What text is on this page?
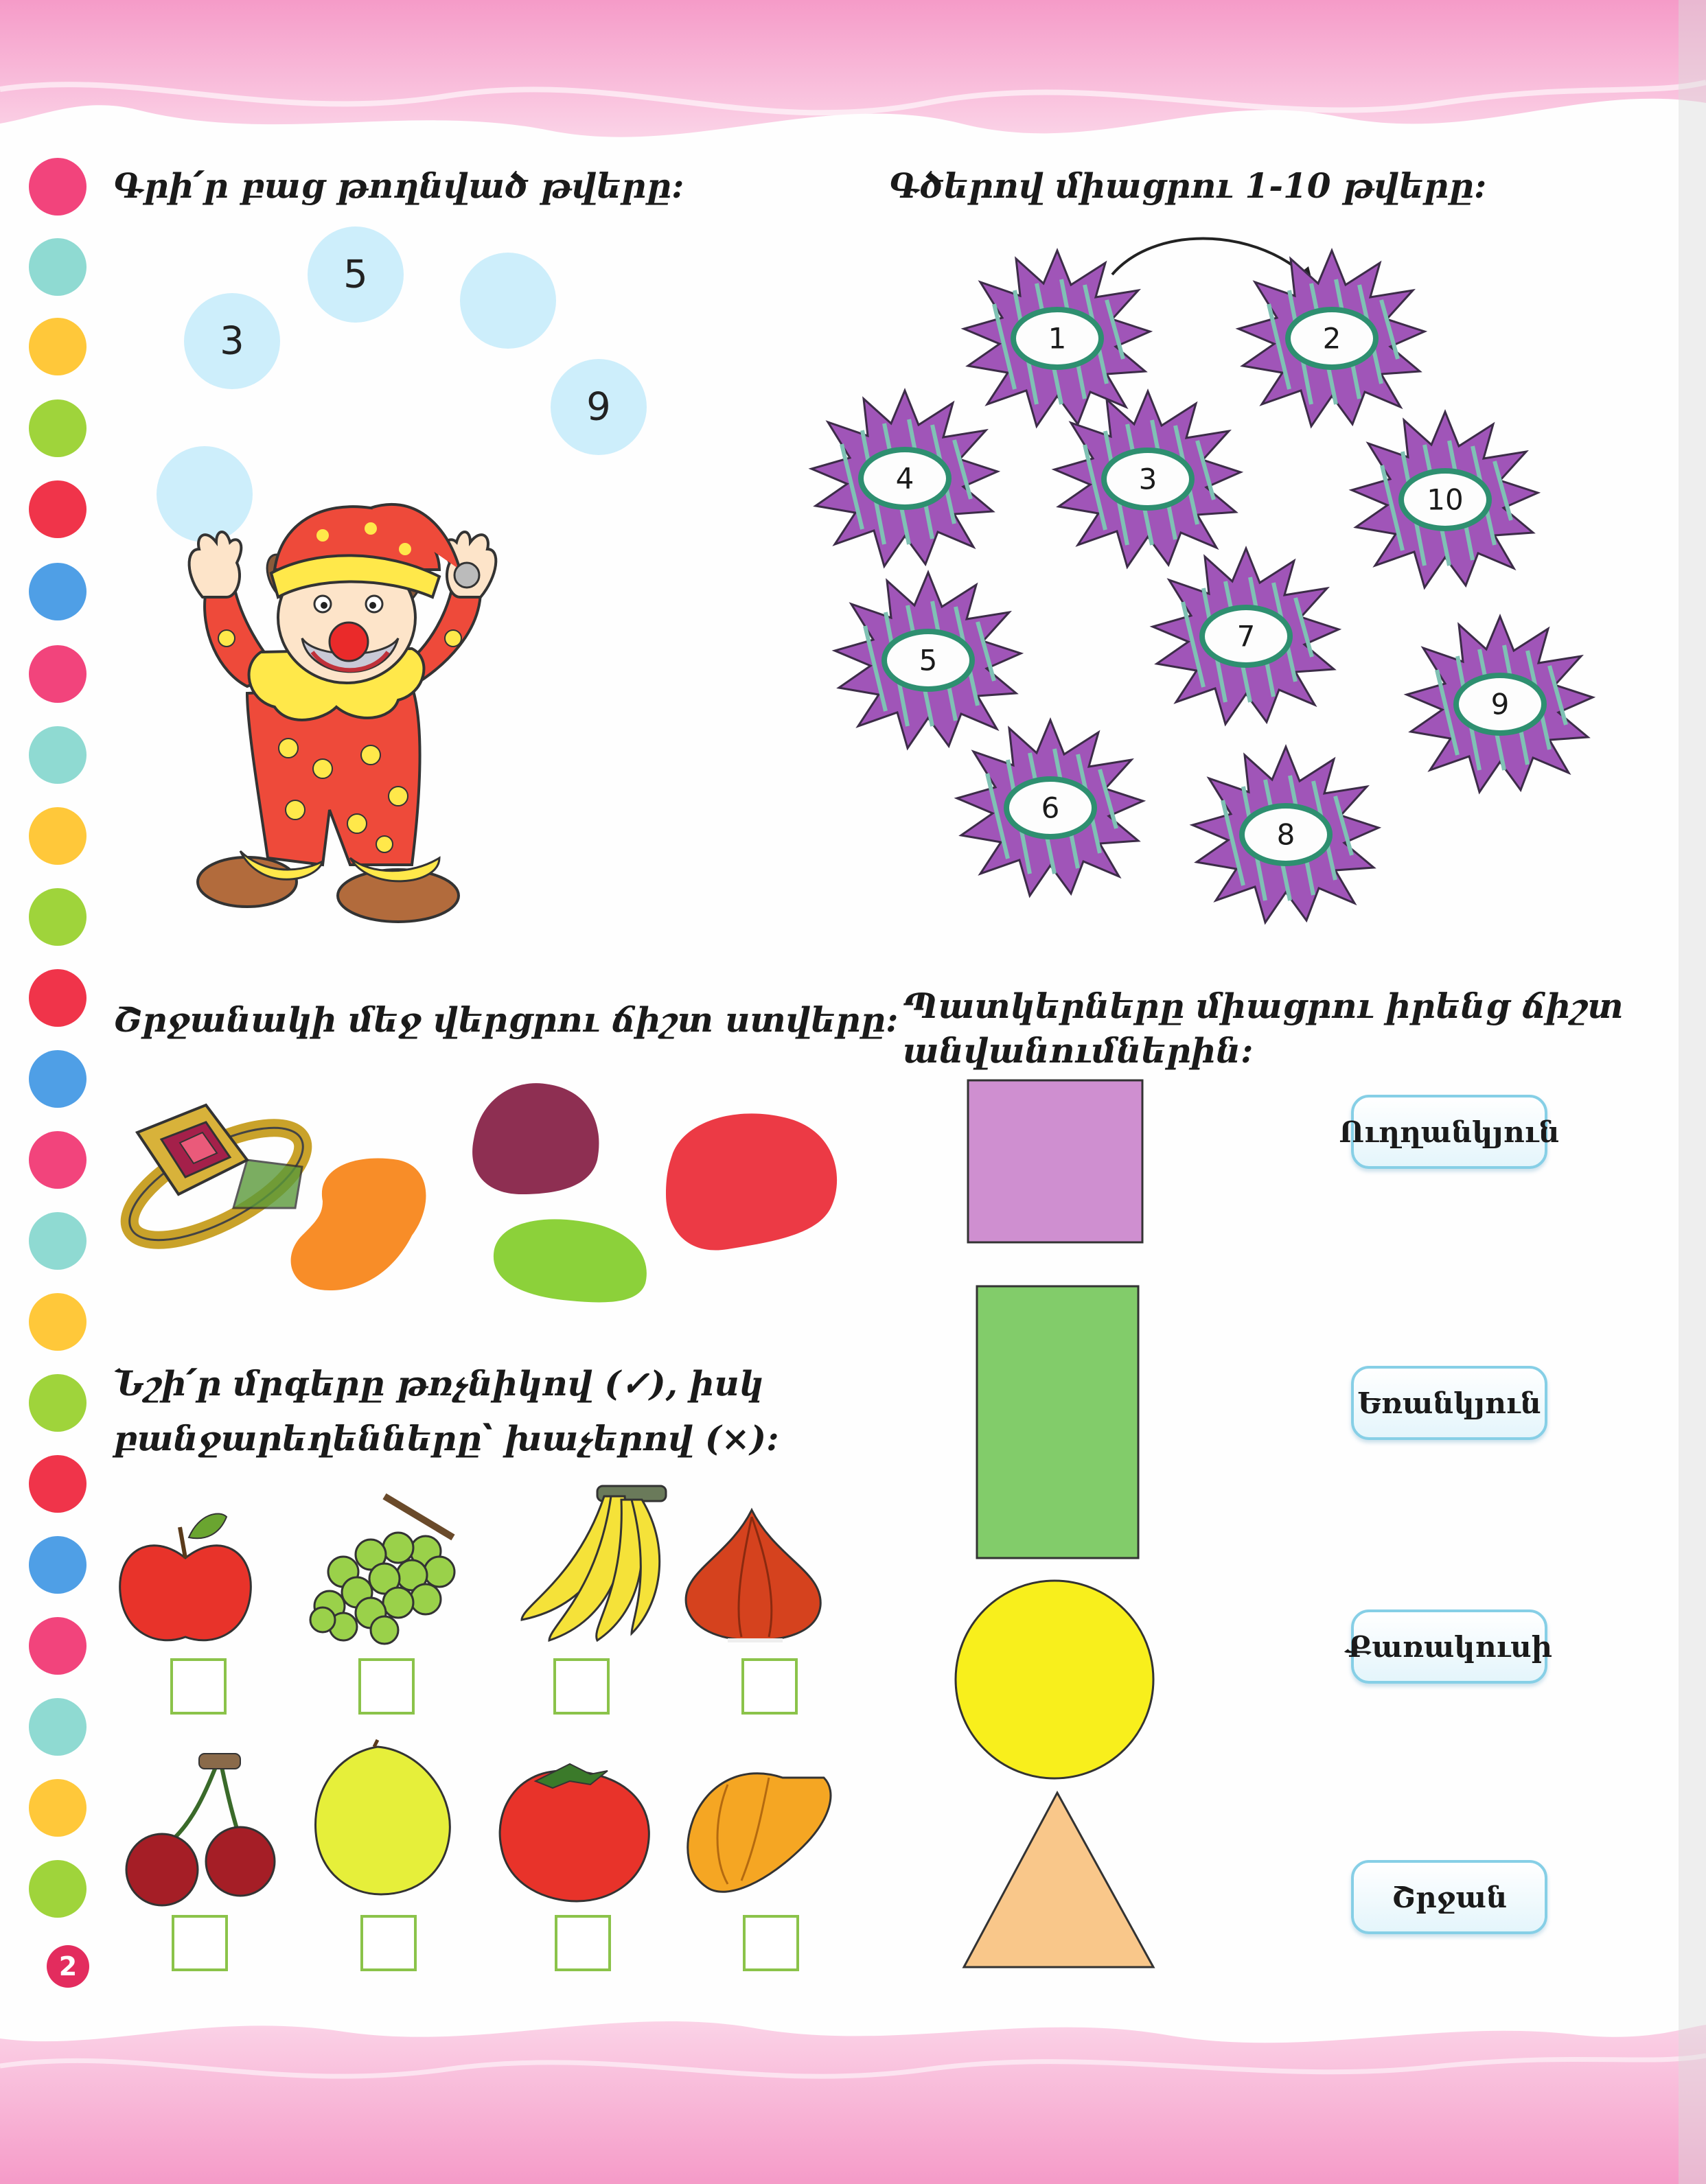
2

Գրի՛ր բաց թողնված թվերը:

3
5
9

Գծերով միացրու 1-10 թվերը:

1	2
4	3
10
5
7
9
6
8

Շրջանակի մեջ վերցրու ճիշտ ստվերը:

Նշի՛ր մրգերը թռչնիկով (✓), իսկ

բանջարեղենները՝ խաչերով (×):

Պատկերները միացրու իրենց ճիշտ

անվանումներին:

Ուղղանկյուն
Եռանկյուն
Քառակուսի
Շրջան
